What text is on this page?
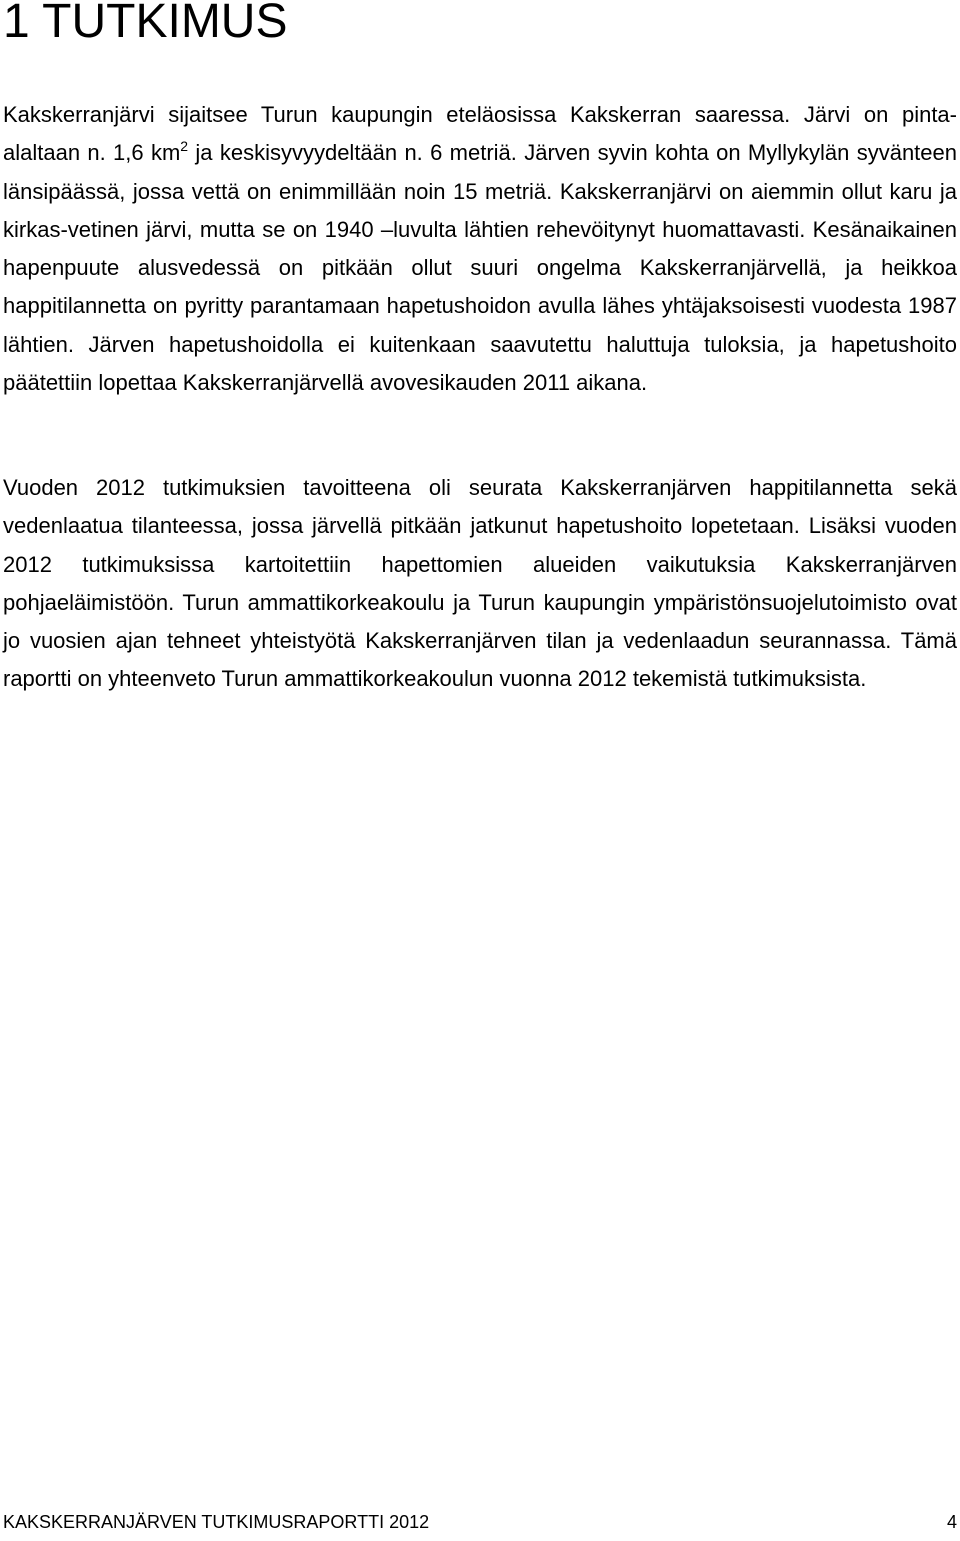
1 TUTKIMUS

Kakskerranjärvi sijaitsee Turun kaupungin eteläosissa Kakskerran saaressa. Järvi on pinta-alaltaan n. 1,6 $km^2$ ja keskisyvyydeltään n. 6 metriä. Järven syvin kohta on Myllykylän syvänteen länsipäässä, jossa vettä on enimmillään noin 15 metriä. Kakskerranjärvi on aiemmin ollut karu ja kirkas-vetinen järvi, mutta se on 1940 –luvulta lähtien rehevöitynyt huomattavasti. Kesänaikainen hapenpuute alusvedessä on pitkään ollut suuri ongelma Kakskerranjärvellä, ja heikkoa happitilannetta on pyritty parantamaan hapetushoidon avulla lähes yhtäjaksoisesti vuodesta 1987 lähtien. Järven hapetushoidolla ei kuitenkaan saavutettu haluttuja tuloksia, ja hapetushoito päätettiin lopettaa Kakskerranjärvellä avovesikauden 2011 aikana.

Vuoden 2012 tutkimuksien tavoitteena oli seurata Kakskerranjärven happitilannetta sekä vedenlaatua tilanteessa, jossa järvellä pitkään jatkunut hapetushoito lopetetaan. Lisäksi vuoden 2012 tutkimuksissa kartoitettiin hapettomien alueiden vaikutuksia Kakskerranjärven pohjaeläimistöön. Turun ammattikorkeakoulu ja Turun kaupungin ympäristönsuojelutoimisto ovat jo vuosien ajan tehneet yhteistyötä Kakskerranjärven tilan ja vedenlaadun seurannassa. Tämä raportti on yhteenveto Turun ammattikorkeakoulun vuonna 2012 tekemistä tutkimuksista.

KAKSKERRANJÄRVEN TUTKIMUSRAPORTTI 2012	4
